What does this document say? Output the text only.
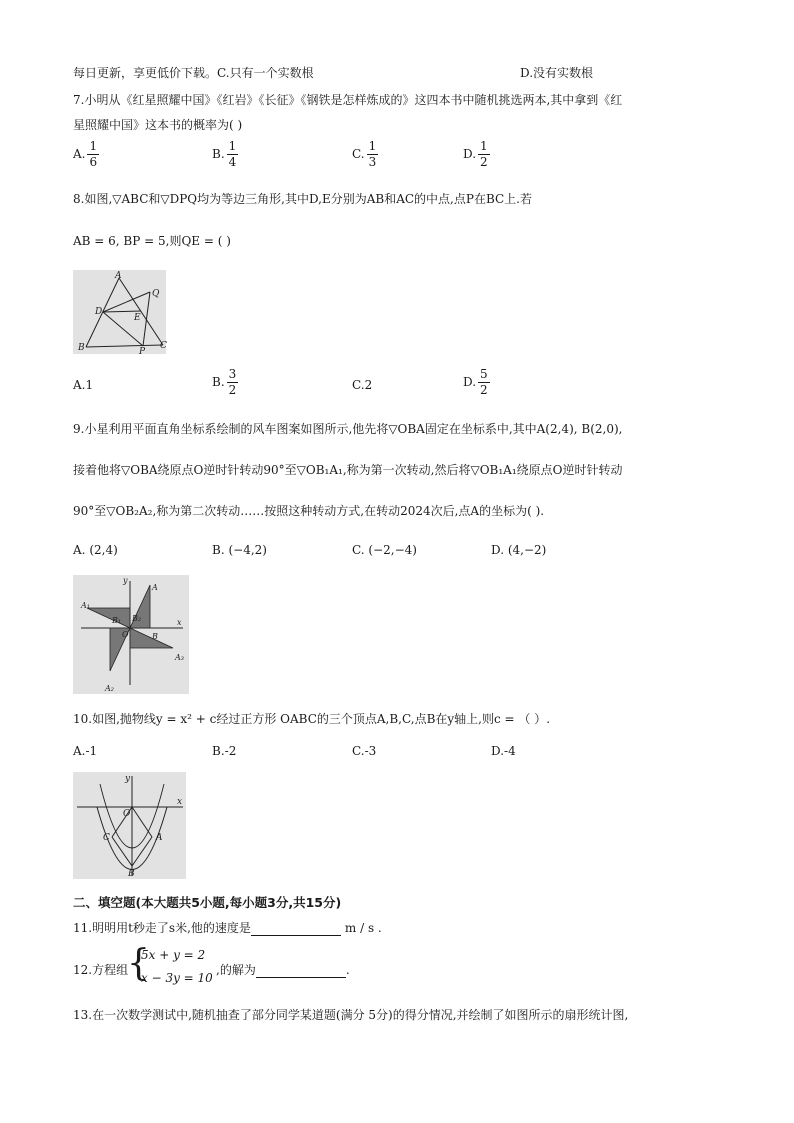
每日更新，享更低价下载。C.只有一个实数根	D.没有实数根
7.小明从《红星照耀中国》《红岩》《长征》《钢铁是怎样炼成的》这四本书中随机挑选两本,其中拿到《红
星照耀中国》这本书的概率为( )
A. $\frac{1}{6}$	B. $\frac{1}{4}$	C. $\frac{1}{3}$	D. $\frac{1}{2}$
8.如图,▽ABC和▽DPQ均为等边三角形,其中D,E分别为AB和AC的中点,点P在BC上.若
AB = 6, BP = 5,则QE = ( )
A
B	C
D
E
P
Q
A.1	B. $\frac{3}{2}$	C.2	D. $\frac{5}{2}$
9.小星利用平面直角坐标系绘制的风车图案如图所示,他先将▽OBA固定在坐标系中,其中A(2,4), B(2,0),
接着他将▽OBA绕原点O逆时针转动90°至▽OB₁A₁,称为第一次转动,然后将▽OB₁A₁绕原点O逆时针转动
90°至▽OB₂A₂,称为第二次转动……按照这种转动方式,在转动2024次后,点A的坐标为( ).
A. (2,4)	B. (−4,2)	C. (−2,−4)	D. (4,−2)
y
x
O
A
A₁
A₂
A₃
B
B₁ B₂
10.如图,抛物线y = x² + c经过正方形 OABC的三个顶点A,B,C,点B在y轴上,则c = （ ）.
A.-1	B.-2	C.-3	D.-4
y
x
O
A
B
C
二、填空题(本大题共5小题,每小题3分,共15分)
11.明明用t秒走了s米,他的速度是	m / s .
12.方程组
{
5x + y = 2
x − 3y = 10
,的解为	.
13.在一次数学测试中,随机抽查了部分同学某道题(满分 5分)的得分情况,并绘制了如图所示的扇形统计图,
